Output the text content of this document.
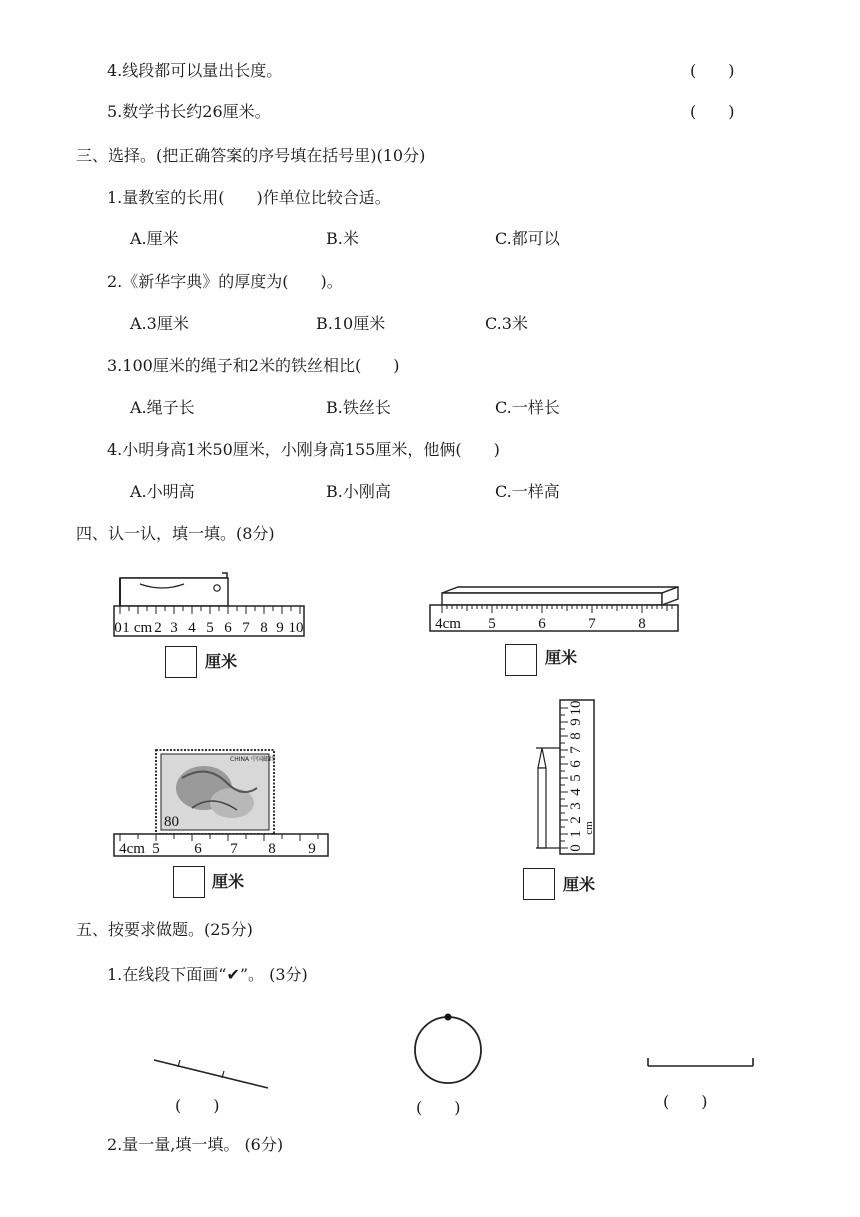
4.线段都可以量出长度。	(　　)
5.数学书长约26厘米。	(　　)
三、选择。(把正确答案的序号填在括号里)(10分)
1.量教室的长用(　　)作单位比较合适。
A.厘米	B.米	C.都可以
2.《新华字典》的厚度为(　　)。
A.3厘米	B.10厘米	C.3米
3.100厘米的绳子和2米的铁丝相比(　　)
A.绳子长	B.铁丝长	C.一样长
4.小明身高1米50厘米，小刚身高155厘米，他俩(　　)
A.小明高	B.小刚高	C.一样高
四、认一认，填一填。(8分)
0 1 cm 2 3 4 5 6 7 8 9 10
厘米
4cm 5	6	7	8
厘米
CHINA 中国邮政
80
4cm 5 6 7 8 9
厘米
0
1
2
3
4
5
6
7
8
9
10
cm
厘米
五、按要求做题。(25分)
1.在线段下面画“✔”。 (3分)
(　　)	(　　)	(　　)
2.量一量,填一填。 (6分)
